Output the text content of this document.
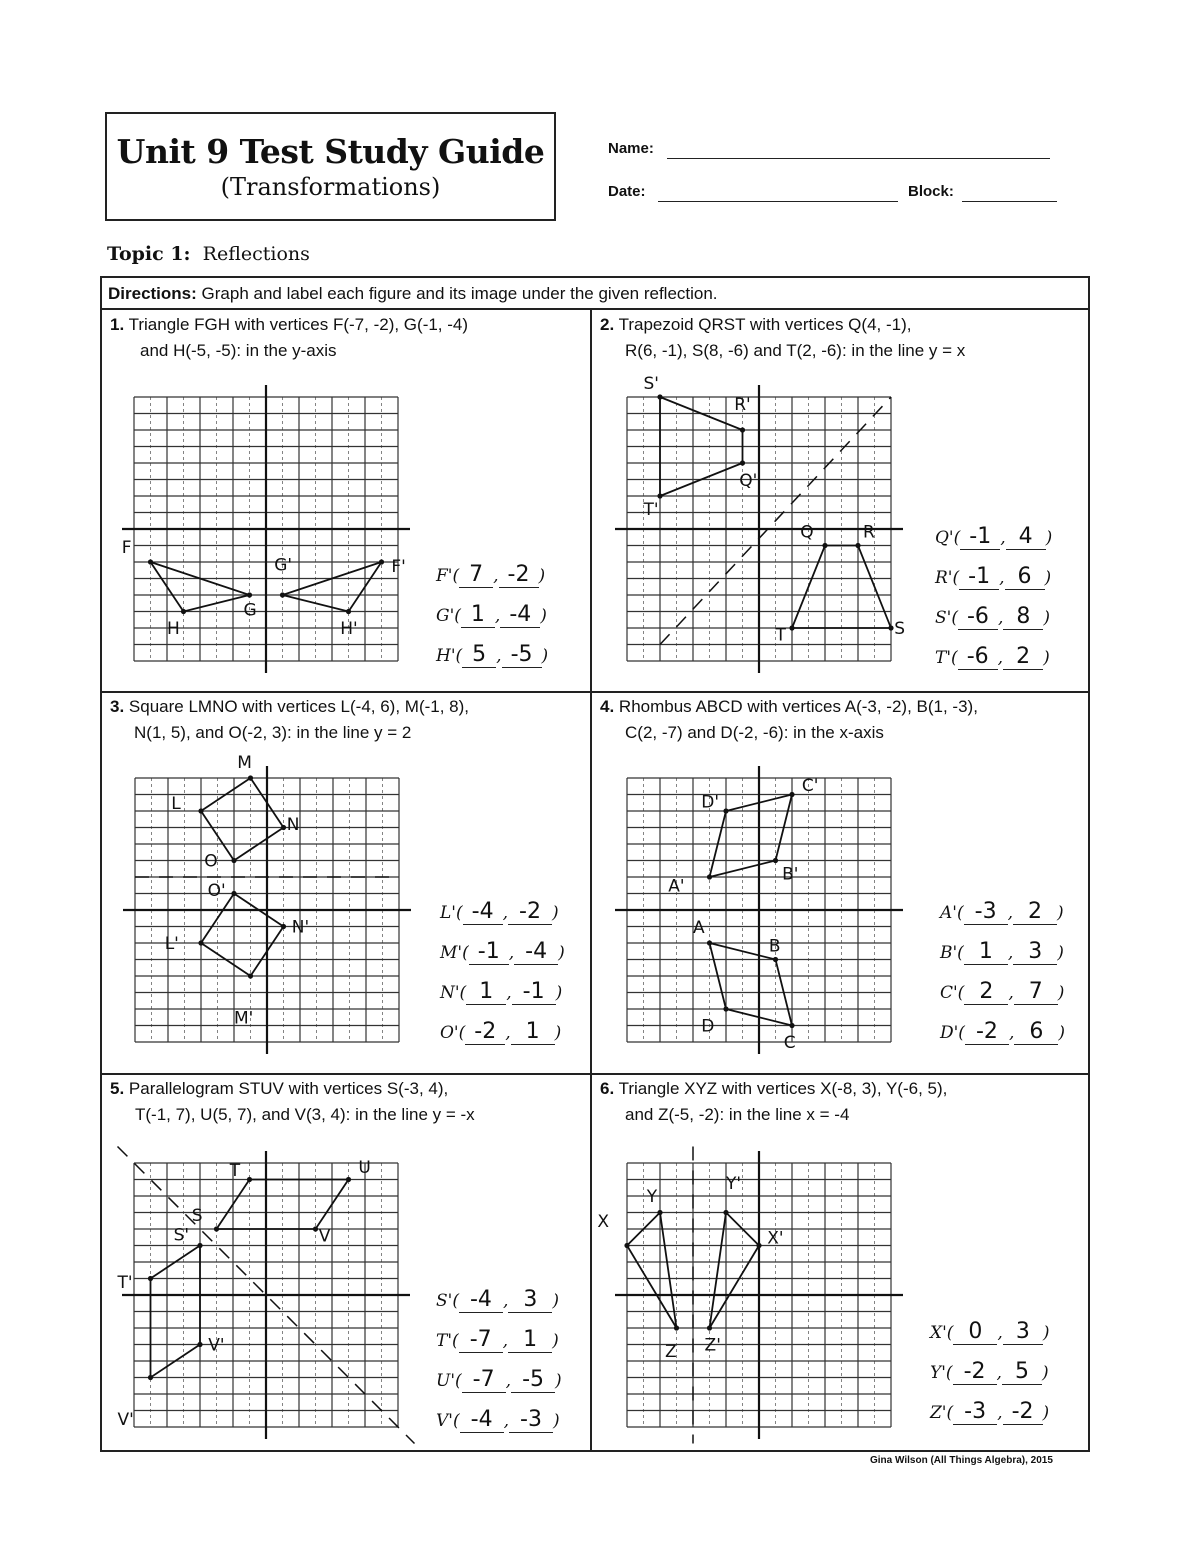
Unit 9 Test Study Guide
(Transformations)
Name:
Date:	Block:
Topic 1: Reflections
Directions: Graph and label each figure and its image under the given reflection.
1. Triangle FGH with vertices F(-7, -2), G(-1, -4)
and H(-5, -5): in the y-axis
2. Trapezoid QRST with vertices Q(4, -1),
R(6, -1), S(8, -6) and T(2, -6): in the line y = x
3. Square LMNO with vertices L(-4, 6), M(-1, 8),
N(1, 5), and O(-2, 3): in the line y = 2
4. Rhombus ABCD with vertices A(-3, -2), B(1, -3),
C(2, -7) and D(-2, -6): in the x-axis
5. Parallelogram STUV with vertices S(-3, 4),
T(-1, 7), U(5, 7), and V(3, 4): in the line y = -x
6. Triangle XYZ with vertices X(-8, 3), Y(-6, 5),
and Z(-5, -2): in the line x = -4
F'( 7 , -2 )
G'( 1 , -4 )
H'( 5 , -5 )
Q'( -1 , 4 )
R'( -1 , 6 )
S'( -6 , 8 )
T'( -6 , 2 )
L'( -4 , -2 )
M'( -1 , -4 )
N'( 1 , -1 )
O'( -2 , 1 )
A'( -3 , 2 )
B'( 1 , 3 )
C'( 2 , 7 )
D'( -2 , 6 )
S'( -4 , 3 )
T'( -7 , 1 )
U'( -7 , -5 )
V'( -4 , -3 )
X'( 0 , 3 )
Y'( -2 , 5 )
Z'( -3 , -2 )
Gina Wilson (All Things Algebra), 2015
F
H
G
G'	F'
H'
S'
R'
Q'
T'
Q	R
T	S
M
L
N
O
O'
L'
N'
M'
D'
C'
A'
B'
A
B
D
C
T	U
S
S'	V
T'
V'
V'
X
Y
Y'
X'
Z Z'
